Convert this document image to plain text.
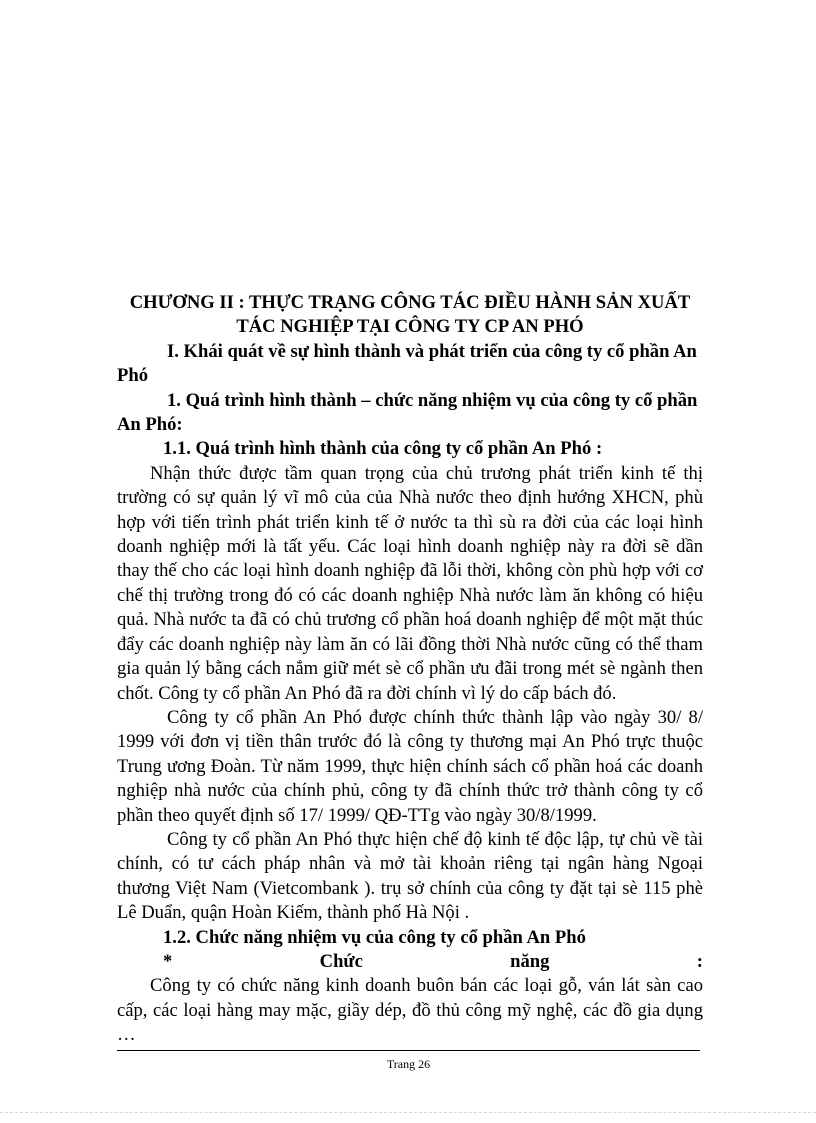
CHƯƠNG II : THỰC TRẠNG CÔNG TÁC ĐIỀU HÀNH SẢN XUẤT
TÁC NGHIỆP TẠI CÔNG TY CP AN PHÓ

I. Khái quát về sự hình thành và phát triển của công ty cổ phần An Phó

1. Quá trình hình thành – chức năng nhiệm vụ của công ty cổ phần An Phó:

1.1. Quá trình hình thành của công ty cổ phần An Phó :

Nhận thức được tầm quan trọng của chủ trương phát triển kinh tế thị trường có sự quản lý vĩ mô của của Nhà nước theo định hướng XHCN, phù hợp với tiến trình phát triển kinh tế ở nước ta thì sù ra đời của các loại hình doanh nghiệp mới là tất yếu. Các loại hình doanh nghiệp này ra đời sẽ dần thay thế cho các loại hình doanh nghiệp đã lỗi thời, không còn phù hợp với cơ chế thị trường trong đó có các doanh nghiệp Nhà nước làm ăn không có hiệu quả. Nhà nước ta đã có chủ trương cổ phần hoá doanh nghiệp để một mặt thúc đẩy các doanh nghiệp này làm ăn có lãi đồng thời Nhà nước cũng có thể tham gia quản lý bằng cách nắm giữ mét sè cổ phần ưu đãi trong mét sè ngành then chốt. Công ty cổ phần An Phó đã ra đời chính vì lý do cấp bách đó.

Công ty cổ phần An Phó được chính thức thành lập vào ngày 30/ 8/ 1999 với đơn vị tiền thân trước đó là công ty thương mại An Phó trực thuộc Trung ương Đoàn. Từ năm 1999, thực hiện chính sách cổ phần hoá các doanh nghiệp nhà nước của chính phủ, công ty đã chính thức trở thành công ty cổ phần theo quyết định số 17/ 1999/ QĐ-TTg vào ngày 30/8/1999.

Công ty cổ phần An Phó thực hiện chế độ kinh tế độc lập, tự chủ về tài chính, có tư cách pháp nhân và mở tài khoản riêng tại ngân hàng Ngoại thương Việt Nam (Vietcombank ). trụ sở chính của công ty đặt tại sè 115 phè Lê Duẩn, quận Hoàn Kiếm, thành phố Hà Nội .

1.2. Chức năng nhiệm vụ của công ty cổ phần An Phó

*	Chức	năng	:

Công ty có chức năng kinh doanh buôn bán các loại gỗ, ván lát sàn cao cấp, các loại hàng may mặc, giầy dép, đồ thủ công mỹ nghệ, các đồ gia dụng …

Trang 26
